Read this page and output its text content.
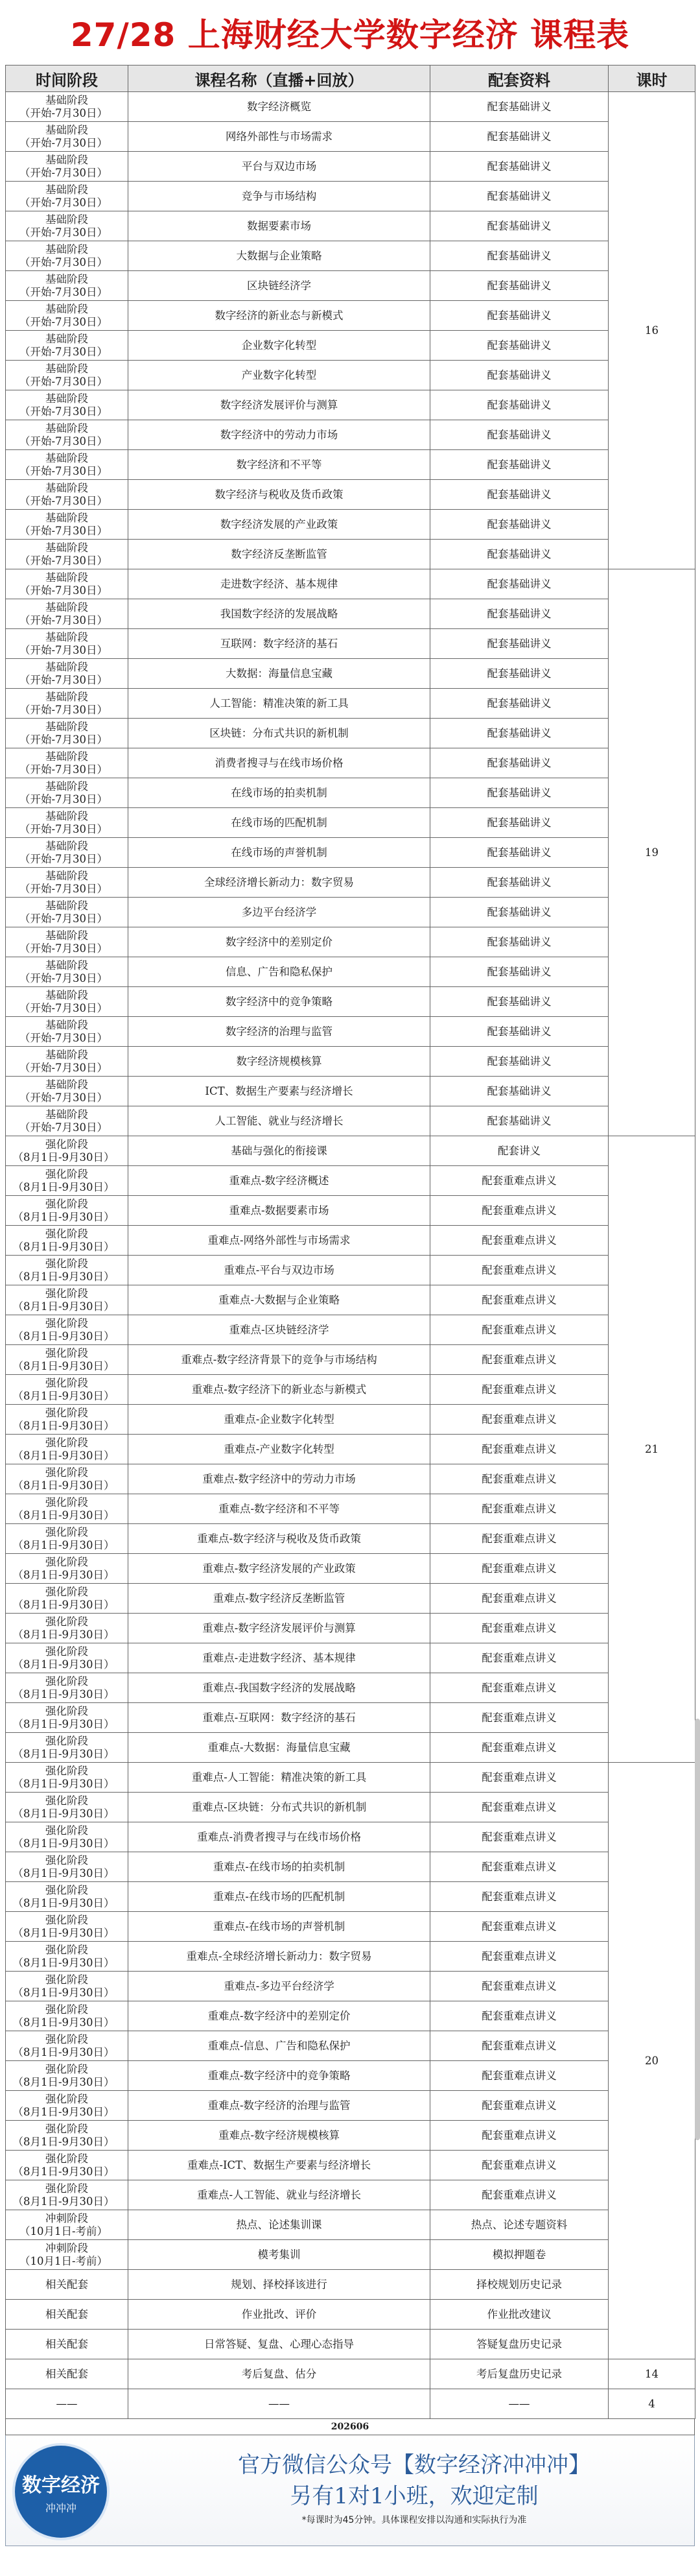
27/28 上海财经大学数字经济 课程表
时间阶段	课程名称（直播+回放）	配套资料	课时

基础阶段
（开始-7月30日）	数字经济概览	配套基础讲义	16

基础阶段
（开始-7月30日）	网络外部性与市场需求	配套基础讲义	

基础阶段
（开始-7月30日）	平台与双边市场	配套基础讲义	

基础阶段
（开始-7月30日）	竞争与市场结构	配套基础讲义	

基础阶段
（开始-7月30日）	数据要素市场	配套基础讲义	

基础阶段
（开始-7月30日）	大数据与企业策略	配套基础讲义	

基础阶段
（开始-7月30日）	区块链经济学	配套基础讲义	

基础阶段
（开始-7月30日）	数字经济的新业态与新模式	配套基础讲义	

基础阶段
（开始-7月30日）	企业数字化转型	配套基础讲义	

基础阶段
（开始-7月30日）	产业数字化转型	配套基础讲义	

基础阶段
（开始-7月30日）	数字经济发展评价与测算	配套基础讲义	

基础阶段
（开始-7月30日）	数字经济中的劳动力市场	配套基础讲义	

基础阶段
（开始-7月30日）	数字经济和不平等	配套基础讲义	

基础阶段
（开始-7月30日）	数字经济与税收及货币政策	配套基础讲义	

基础阶段
（开始-7月30日）	数字经济发展的产业政策	配套基础讲义	

基础阶段
（开始-7月30日）	数字经济反垄断监管	配套基础讲义	

基础阶段
（开始-7月30日）	走进数字经济、基本规律	配套基础讲义	19

基础阶段
（开始-7月30日）	我国数字经济的发展战略	配套基础讲义	

基础阶段
（开始-7月30日）	互联网：数字经济的基石	配套基础讲义	

基础阶段
（开始-7月30日）	大数据：海量信息宝藏	配套基础讲义	

基础阶段
（开始-7月30日）	人工智能：精准决策的新工具	配套基础讲义	

基础阶段
（开始-7月30日）	区块链：分布式共识的新机制	配套基础讲义	

基础阶段
（开始-7月30日）	消费者搜寻与在线市场价格	配套基础讲义	

基础阶段
（开始-7月30日）	在线市场的拍卖机制	配套基础讲义	

基础阶段
（开始-7月30日）	在线市场的匹配机制	配套基础讲义	

基础阶段
（开始-7月30日）	在线市场的声誉机制	配套基础讲义	

基础阶段
（开始-7月30日）	全球经济增长新动力：数字贸易	配套基础讲义	

基础阶段
（开始-7月30日）	多边平台经济学	配套基础讲义	

基础阶段
（开始-7月30日）	数字经济中的差别定价	配套基础讲义	

基础阶段
（开始-7月30日）	信息、广告和隐私保护	配套基础讲义	

基础阶段
（开始-7月30日）	数字经济中的竞争策略	配套基础讲义	

基础阶段
（开始-7月30日）	数字经济的治理与监管	配套基础讲义	

基础阶段
（开始-7月30日）	数字经济规模核算	配套基础讲义	

基础阶段
（开始-7月30日）	ICT、数据生产要素与经济增长	配套基础讲义	

基础阶段
（开始-7月30日）	人工智能、就业与经济增长	配套基础讲义	

强化阶段
（8月1日-9月30日）	基础与强化的衔接课	配套讲义	21

强化阶段
（8月1日-9月30日）	重难点-数字经济概述	配套重难点讲义	

强化阶段
（8月1日-9月30日）	重难点-数据要素市场	配套重难点讲义	

强化阶段
（8月1日-9月30日）	重难点-网络外部性与市场需求	配套重难点讲义	

强化阶段
（8月1日-9月30日）	重难点-平台与双边市场	配套重难点讲义	

强化阶段
（8月1日-9月30日）	重难点-大数据与企业策略	配套重难点讲义	

强化阶段
（8月1日-9月30日）	重难点-区块链经济学	配套重难点讲义	

强化阶段
（8月1日-9月30日）	重难点-数字经济背景下的竞争与市场结构	配套重难点讲义	

强化阶段
（8月1日-9月30日）	重难点-数字经济下的新业态与新模式	配套重难点讲义	

强化阶段
（8月1日-9月30日）	重难点-企业数字化转型	配套重难点讲义	

强化阶段
（8月1日-9月30日）	重难点-产业数字化转型	配套重难点讲义	

强化阶段
（8月1日-9月30日）	重难点-数字经济中的劳动力市场	配套重难点讲义	

强化阶段
（8月1日-9月30日）	重难点-数字经济和不平等	配套重难点讲义	

强化阶段
（8月1日-9月30日）	重难点-数字经济与税收及货币政策	配套重难点讲义	

强化阶段
（8月1日-9月30日）	重难点-数字经济发展的产业政策	配套重难点讲义	

强化阶段
（8月1日-9月30日）	重难点-数字经济反垄断监管	配套重难点讲义	

强化阶段
（8月1日-9月30日）	重难点-数字经济发展评价与测算	配套重难点讲义	

强化阶段
（8月1日-9月30日）	重难点-走进数字经济、基本规律	配套重难点讲义	

强化阶段
（8月1日-9月30日）	重难点-我国数字经济的发展战略	配套重难点讲义	

强化阶段
（8月1日-9月30日）	重难点-互联网：数字经济的基石	配套重难点讲义	

强化阶段
（8月1日-9月30日）	重难点-大数据：海量信息宝藏	配套重难点讲义	

强化阶段
（8月1日-9月30日）	重难点-人工智能：精准决策的新工具	配套重难点讲义	20

强化阶段
（8月1日-9月30日）	重难点-区块链：分布式共识的新机制	配套重难点讲义	

强化阶段
（8月1日-9月30日）	重难点-消费者搜寻与在线市场价格	配套重难点讲义	

强化阶段
（8月1日-9月30日）	重难点-在线市场的拍卖机制	配套重难点讲义	

强化阶段
（8月1日-9月30日）	重难点-在线市场的匹配机制	配套重难点讲义	

强化阶段
（8月1日-9月30日）	重难点-在线市场的声誉机制	配套重难点讲义	

强化阶段
（8月1日-9月30日）	重难点-全球经济增长新动力：数字贸易	配套重难点讲义	

强化阶段
（8月1日-9月30日）	重难点-多边平台经济学	配套重难点讲义	

强化阶段
（8月1日-9月30日）	重难点-数字经济中的差别定价	配套重难点讲义	

强化阶段
（8月1日-9月30日）	重难点-信息、广告和隐私保护	配套重难点讲义	

强化阶段
（8月1日-9月30日）	重难点-数字经济中的竞争策略	配套重难点讲义	

强化阶段
（8月1日-9月30日）	重难点-数字经济的治理与监管	配套重难点讲义	

强化阶段
（8月1日-9月30日）	重难点-数字经济规模核算	配套重难点讲义	

强化阶段
（8月1日-9月30日）	重难点-ICT、数据生产要素与经济增长	配套重难点讲义	

强化阶段
（8月1日-9月30日）	重难点-人工智能、就业与经济增长	配套重难点讲义	

冲刺阶段
（10月1日-考前）	热点、论述集训课	热点、论述专题资料	

冲刺阶段
（10月1日-考前）	模考集训	模拟押题卷	

相关配套	规划、择校择该进行	择校规划历史记录	

相关配套	作业批改、评价	作业批改建议	

相关配套	日常答疑、复盘、心理心态指导	答疑复盘历史记录	

相关配套	考后复盘、估分	考后复盘历史记录	14

——	——	——	4
202606
数字经济
冲冲冲
官方微信公众号【数字经济冲冲冲】
另有1对1小班，欢迎定制
*每课时为45分钟。具体课程安排以沟通和实际执行为准
